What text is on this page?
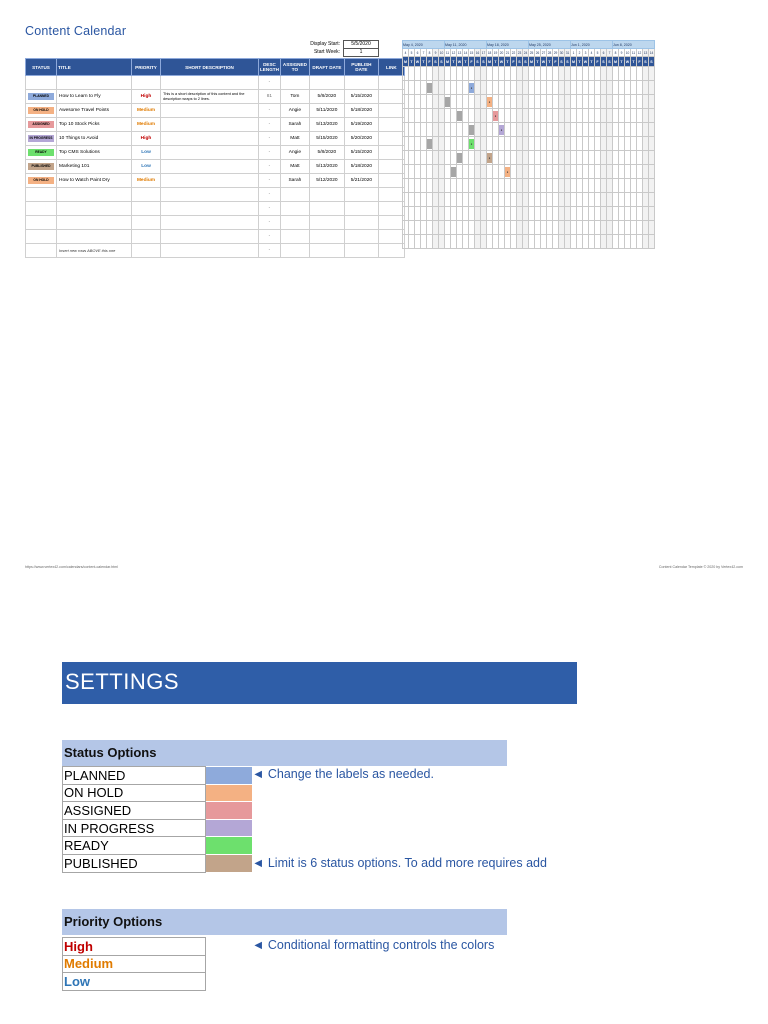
Content Calendar
Display Start:	5/5/2020
Start Week:	1
STATUS	TITLE	PRIORITY	SHORT DESCRIPTION	DESC LENGTH	ASSIGNED TO	DRAFT DATE	PUBLISH DATE	LINK
				-				

PLANNED	How to Learn to Fly	High	This is a short description of this content and the description wraps to 2 lines.	81	Tom	5/8/2020	5/15/2020	

ON HOLD	Awesome Travel Points	Medium		-	Angie	5/11/2020	5/18/2020	

ASSIGNED	Top 10 Stock Picks	Medium		-	Sarah	5/13/2020	5/19/2020	

IN PROGRESS	10 Things to Avoid	High		-	Matt	5/15/2020	5/20/2020	

READY	Top CMS Solutions	Low		-	Angie	5/8/2020	5/15/2020	

PUBLISHED	Marketing 101	Low		-	Matt	5/13/2020	5/18/2020	

ON HOLD	How to Watch Paint Dry	Medium		-	Sarah	5/12/2020	5/21/2020	
				-				
				-				
				-				
				-				
	Insert new rows ABOVE this one			-				
May 4, 2020							May 11, 2020							May 18, 2020							May 25, 2020							Jun 1, 2020							Jun 8, 2020						
4	5	6	7	8	9	10	11	12	13	14	15	16	17	18	19	20	21	22	23	24	25	26	27	28	29	30	31	1	2	3	4	5	6	7	8	9	10	11	12	13	14
M	T	W	T	F	S	S	M	T	W	T	F	S	S	M	T	W	T	F	S	S	M	T	W	T	F	S	S	M	T	W	T	F	S	S	M	T	W	T	F	S	S

											♦																														

														♦																											

															♦																										

																♦																									

											♦																														

														♦																											

																	♦																								

https://www.vertex42.com/calendars/content-calendar.html	Content Calendar Template © 2020 by Vertex42.com
SETTINGS
Status Options
PLANNED	
ON HOLD	
ASSIGNED	
IN PROGRESS	
READY	
PUBLISHED	
◄ Change the labels as needed.
◄ Limit is 6 status options. To add more requires add
Priority Options
High
Medium
Low
◄ Conditional formatting controls the colors
